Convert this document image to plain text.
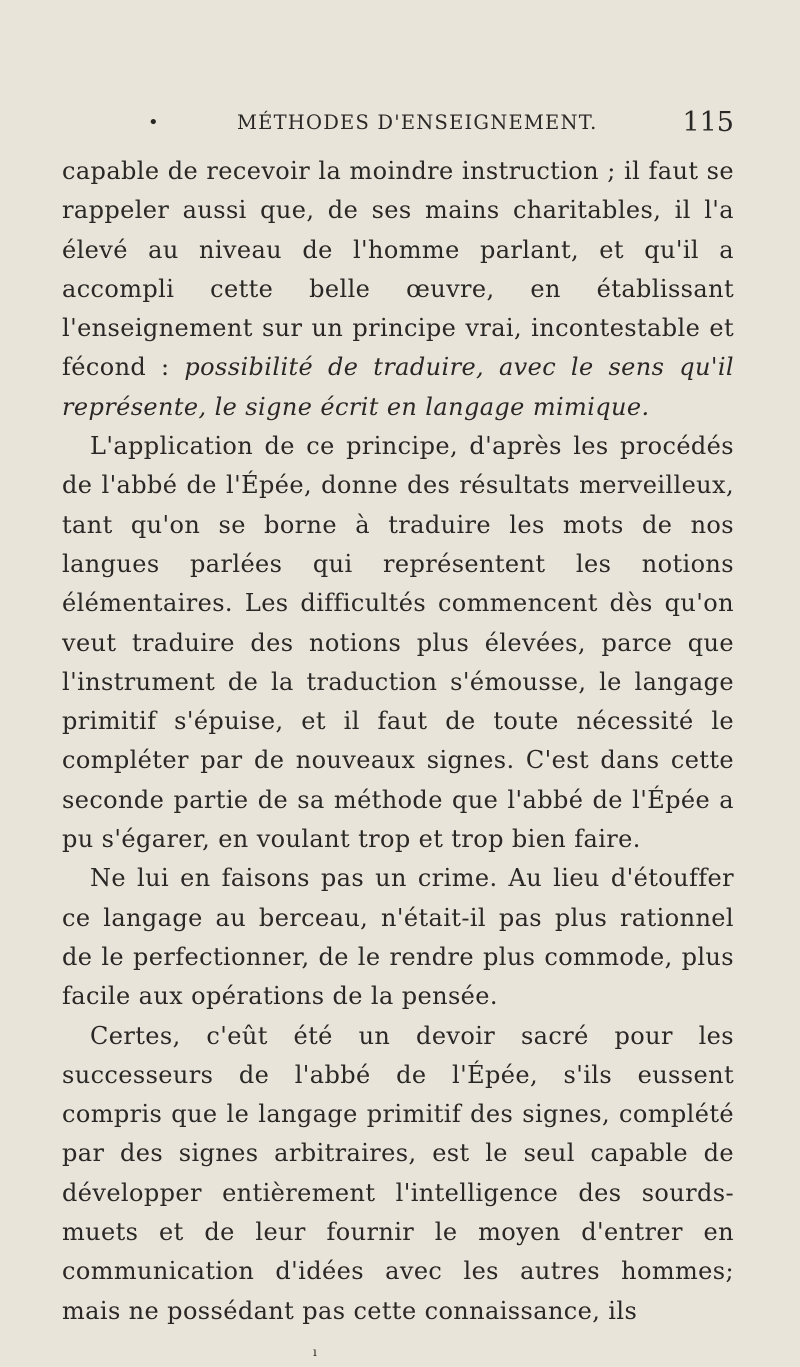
•	MÉTHODES D'ENSEIGNEMENT.	115

capable de recevoir la moindre instruction ; il faut se rappeler aussi que, de ses mains charitables, il l'a élevé au niveau de l'homme parlant, et qu'il a accompli cette belle œuvre, en établissant l'enseignement sur un principe vrai, incontestable et fécond : possibilité de traduire, avec le sens qu'il représente, le signe écrit en langage mimique.

L'application de ce principe, d'après les procédés de l'abbé de l'Épée, donne des résultats merveilleux, tant qu'on se borne à traduire les mots de nos langues parlées qui représentent les notions élémentaires. Les difficultés commencent dès qu'on veut traduire des notions plus élevées, parce que l'instrument de la traduction s'émousse, le langage primitif s'épuise, et il faut de toute nécessité le compléter par de nouveaux signes. C'est dans cette seconde partie de sa méthode que l'abbé de l'Épée a pu s'égarer, en voulant trop et trop bien faire.

Ne lui en faisons pas un crime. Au lieu d'étouffer ce langage au berceau, n'était-il pas plus rationnel de le perfectionner, de le rendre plus commode, plus facile aux opérations de la pensée.

Certes, c'eût été un devoir sacré pour les successeurs de l'abbé de l'Épée, s'ils eussent compris que le langage primitif des signes, complété par des signes arbitraires, est le seul capable de développer entièrement l'intelligence des sourds-muets et de leur fournir le moyen d'entrer en communication d'idées avec les autres hommes; mais ne possédant pas cette connaissance, ils

ı
